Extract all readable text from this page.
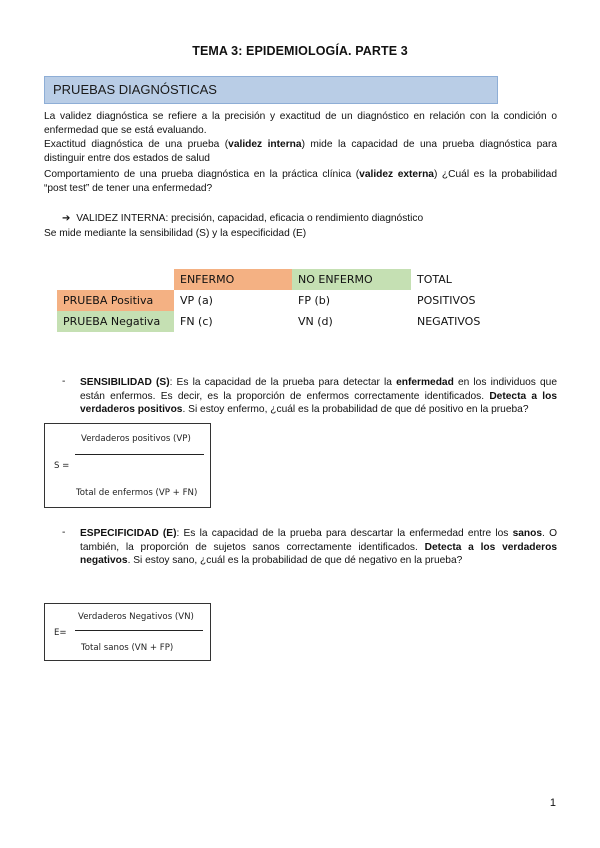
TEMA 3: EPIDEMIOLOGÍA. PARTE 3
PRUEBAS DIAGNÓSTICAS
La validez diagnóstica se refiere a la precisión y exactitud de un diagnóstico en relación con la condición o enfermedad que se está evaluando.
Exactitud diagnóstica de una prueba (validez interna) mide la capacidad de una prueba diagnóstica para distinguir entre dos estados de salud
Comportamiento de una prueba diagnóstica en la práctica clínica (validez externa) ¿Cuál es la probabilidad “post test” de tener una enfermedad?
➔ VALIDEZ INTERNA: precisión, capacidad, eficacia o rendimiento diagnóstico
Se mide mediante la sensibilidad (S) y la especificidad (E)
	ENFERMO	NO ENFERMO	TOTAL
PRUEBA Positiva	VP (a)	FP (b)	POSITIVOS
PRUEBA Negativa	FN (c)	VN (d)	NEGATIVOS
- SENSIBILIDAD (S): Es la capacidad de la prueba para detectar la enfermedad en los individuos que están enfermos. Es decir, es la proporción de enfermos correctamente identificados. Detecta a los verdaderos positivos. Si estoy enfermo, ¿cuál es la probabilidad de que dé positivo en la prueba?
S =
Verdaderos positivos (VP)
Total de enfermos (VP + FN)
- ESPECIFICIDAD (E): Es la capacidad de la prueba para descartar la enfermedad entre los sanos. O también, la proporción de sujetos sanos correctamente identificados. Detecta a los verdaderos negativos. Si estoy sano, ¿cuál es la probabilidad de que dé negativo en la prueba?
E=
Verdaderos Negativos (VN)
Total sanos (VN + FP)
1
